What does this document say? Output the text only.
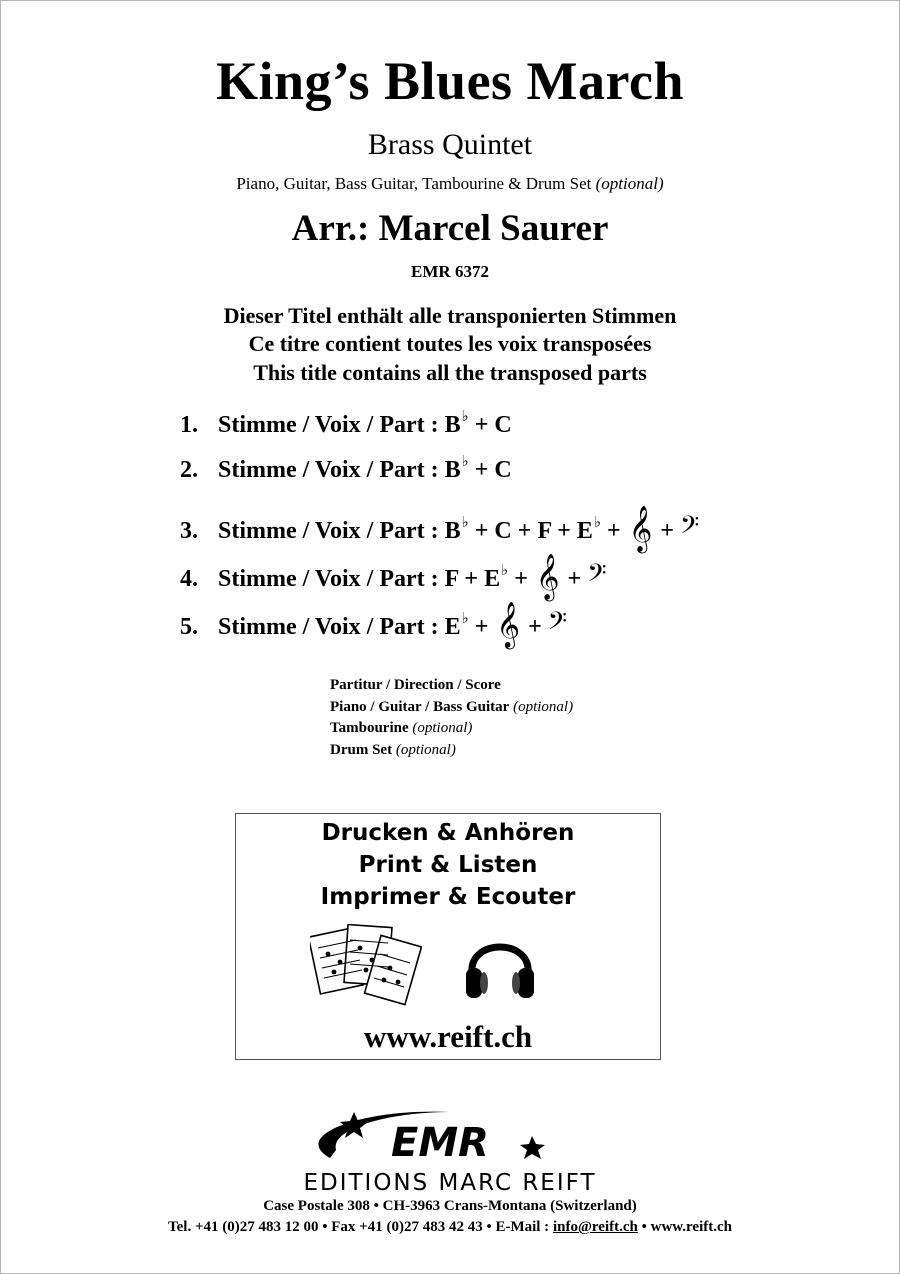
King’s Blues March
Brass Quintet
Piano, Guitar, Bass Guitar, Tambourine & Drum Set (optional)
Arr.: Marcel Saurer
EMR 6372
Dieser Titel enthält alle transponierten Stimmen
Ce titre contient toutes les voix transposées
This title contains all the transposed parts
1. Stimme / Voix / Part : B♭ + C
2. Stimme / Voix / Part : B♭ + C
3. Stimme / Voix / Part : B♭ + C + F + E♭ + 𝄞 + 𝄢
4. Stimme / Voix / Part : F + E♭ + 𝄞 + 𝄢
5. Stimme / Voix / Part : E♭ + 𝄞 + 𝄢
Partitur / Direction / Score
Piano / Guitar / Bass Guitar (optional)
Tambourine (optional)
Drum Set (optional)
Drucken & Anhören
Print & Listen
Imprimer & Ecouter
www.reift.ch
EMR
EDITIONS MARC REIFT
Case Postale 308 • CH-3963 Crans-Montana (Switzerland)
Tel. +41 (0)27 483 12 00 • Fax +41 (0)27 483 42 43 • E-Mail : info@reift.ch • www.reift.ch
